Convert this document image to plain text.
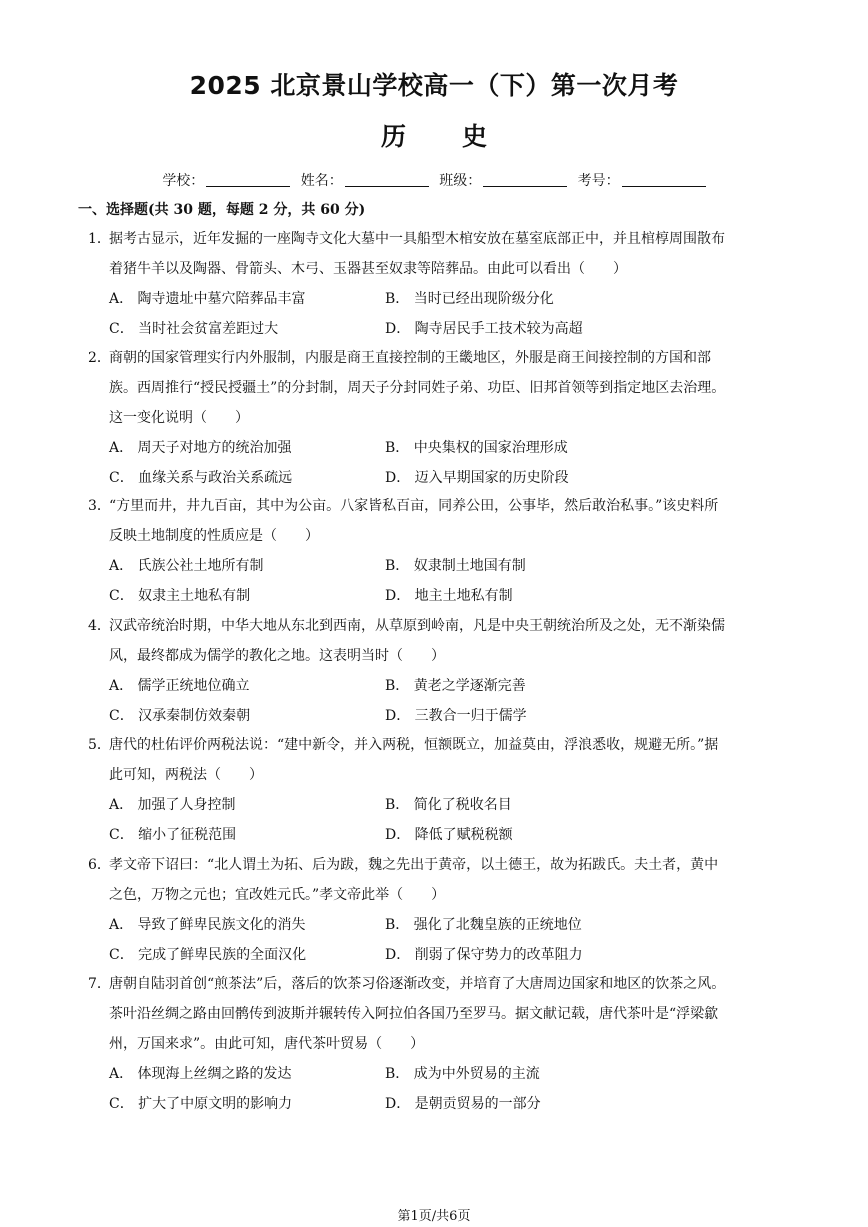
2025 北京景山学校高一（下）第一次月考
历史
学校：	姓名：	班级：	考号：
一、选择题(共 30 题，每题 2 分，共 60 分)
1．据考古显示，近年发掘的一座陶寺文化大墓中一具船型木棺安放在墓室底部正中，并且棺椁周围散布
着猪牛羊以及陶器、骨箭头、木弓、玉器甚至奴隶等陪葬品。由此可以看出（　　）
A． 陶寺遗址中墓穴陪葬品丰富	B． 当时已经出现阶级分化
C． 当时社会贫富差距过大	D． 陶寺居民手工技术较为高超
2．商朝的国家管理实行内外服制，内服是商王直接控制的王畿地区，外服是商王间接控制的方国和部
族。西周推行“授民授疆土”的分封制，周天子分封同姓子弟、功臣、旧邦首领等到指定地区去治理。
这一变化说明（　　）
A． 周天子对地方的统治加强	B． 中央集权的国家治理形成
C． 血缘关系与政治关系疏远	D． 迈入早期国家的历史阶段
3．“方里而井，井九百亩，其中为公亩。八家皆私百亩，同养公田，公事毕，然后敢治私事。”该史料所
反映土地制度的性质应是（　　）
A． 氏族公社土地所有制	B． 奴隶制土地国有制
C． 奴隶主土地私有制	D． 地主土地私有制
4．汉武帝统治时期，中华大地从东北到西南，从草原到岭南，凡是中央王朝统治所及之处，无不渐染儒
风，最终都成为儒学的教化之地。这表明当时（　　）
A． 儒学正统地位确立	B． 黄老之学逐渐完善
C． 汉承秦制仿效秦朝	D． 三教合一归于儒学
5．唐代的杜佑评价两税法说：“建中新令，并入两税，恒额既立，加益莫由，浮浪悉收，规避无所。”据
此可知，两税法（　　）
A． 加强了人身控制	B． 简化了税收名目
C． 缩小了征税范围	D． 降低了赋税税额
6．孝文帝下诏曰：“北人谓土为拓、后为跋，魏之先出于黄帝，以土德王，故为拓跋氏。夫土者，黄中
之色，万物之元也；宜改姓元氏。”孝文帝此举（　　）
A． 导致了鲜卑民族文化的消失	B． 强化了北魏皇族的正统地位
C． 完成了鲜卑民族的全面汉化	D． 削弱了保守势力的改革阻力
7．唐朝自陆羽首创“煎茶法”后，落后的饮茶习俗逐渐改变，并培育了大唐周边国家和地区的饮茶之风。
茶叶沿丝绸之路由回鹘传到波斯并辗转传入阿拉伯各国乃至罗马。据文献记载，唐代茶叶是“浮梁歙
州，万国来求”。由此可知，唐代茶叶贸易（　　）
A． 体现海上丝绸之路的发达	B． 成为中外贸易的主流
C． 扩大了中原文明的影响力	D． 是朝贡贸易的一部分
第1页/共6页
